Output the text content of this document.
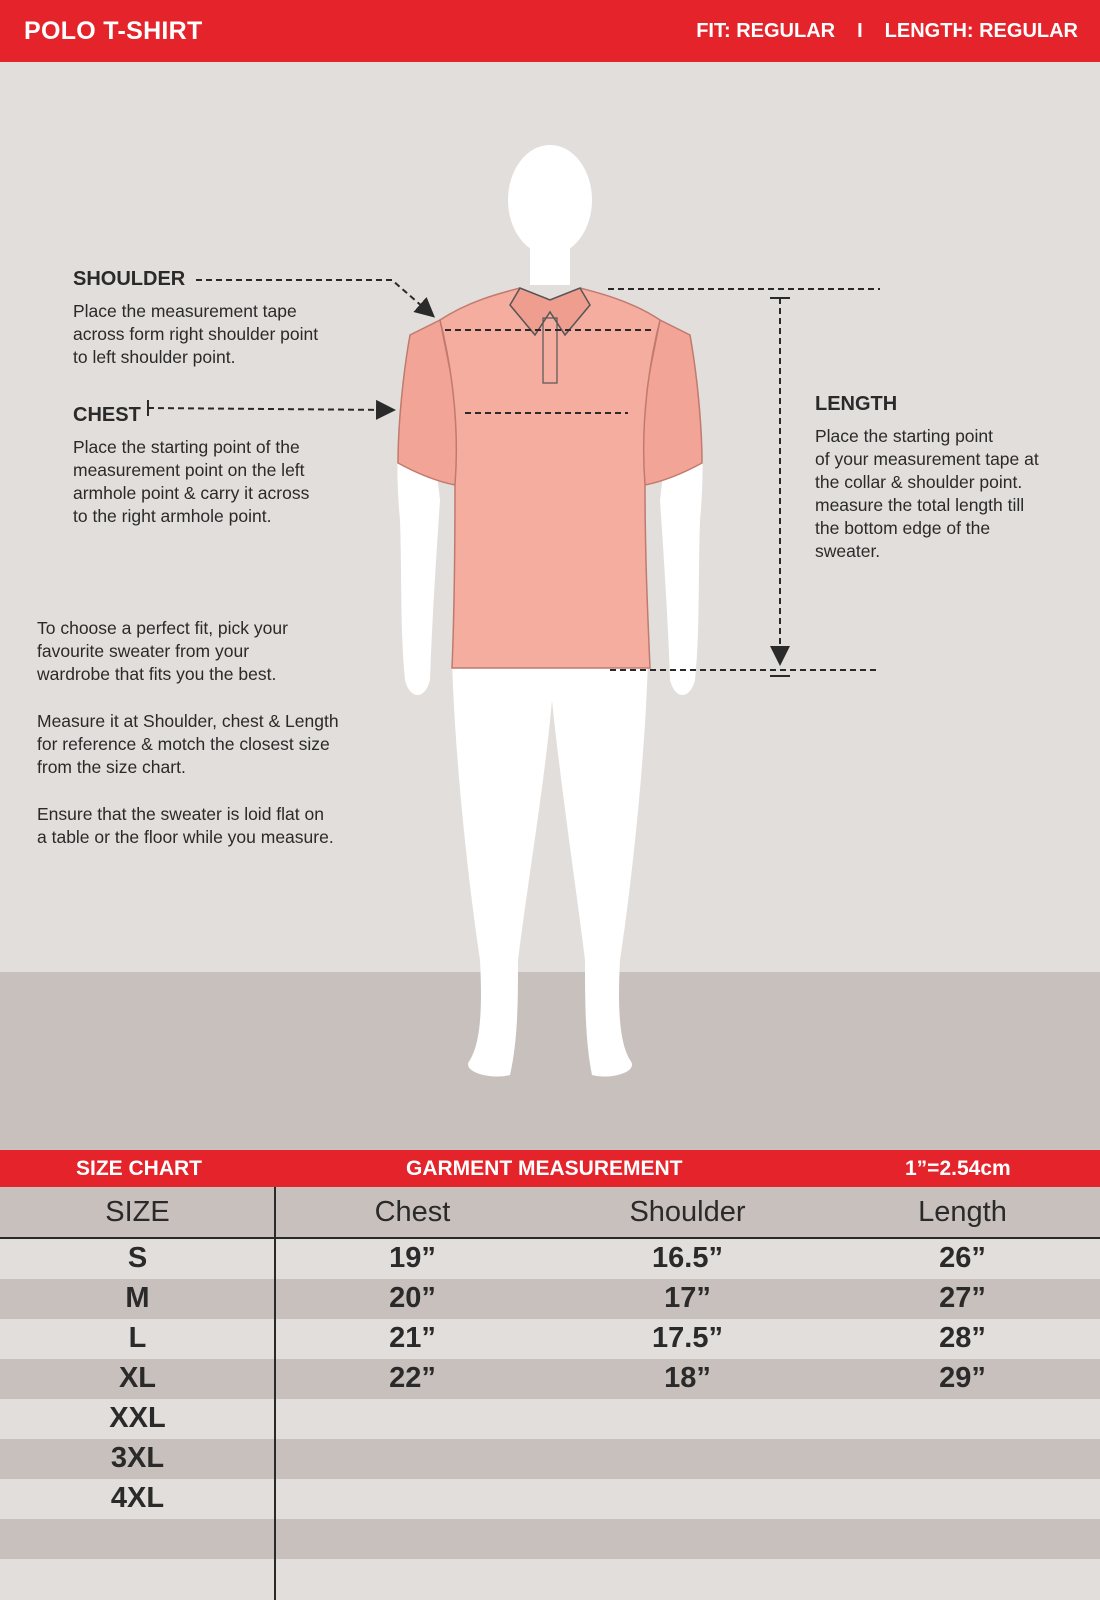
POLO T-SHIRT	FIT: REGULAR I LENGTH: REGULAR
SHOULDER

Place the measurement tape
across form right shoulder point
to left shoulder point.

CHEST

Place the starting point of the
measurement point on the left
armhole point & carry it across
to the right armhole point.

LENGTH

Place the starting point
of your measurement tape at
the collar & shoulder point.
measure the total length till
the bottom edge of the
sweater.

To choose a perfect fit, pick your
favourite sweater from your
wardrobe that fits you the best.

Measure it at Shoulder, chest & Length
for reference & motch the closest size
from the size chart.

Ensure that the sweater is loid flat on
a table or the floor while you measure.

SIZE CHART	GARMENT MEASUREMENT	1”=2.54cm
SIZE	Chest	Shoulder	Length
S	19”	16.5”	26”
M	20”	17”	27”
L	21”	17.5”	28”
XL	22”	18”	29”
XXL
3XL
4XL
